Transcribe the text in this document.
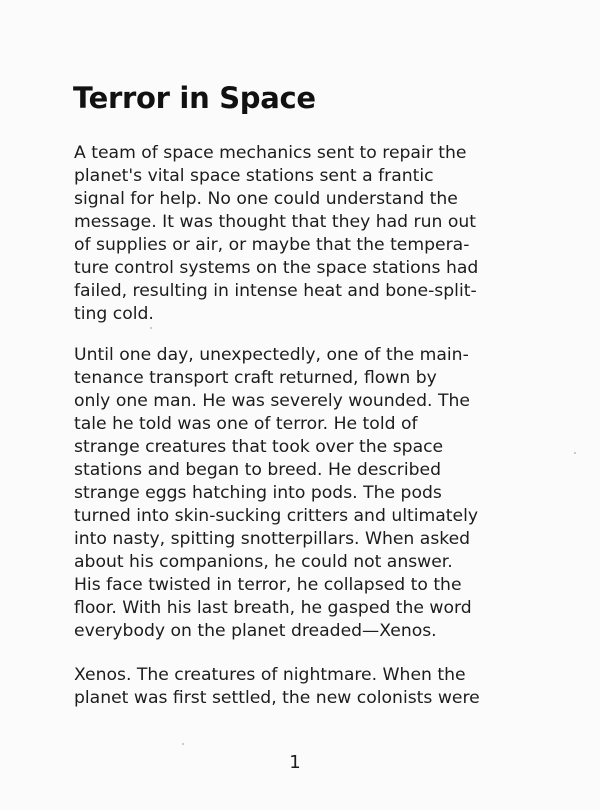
Terror in Space
A team of space mechanics sent to repair the
planet's vital space stations sent a frantic
signal for help. No one could understand the
message. It was thought that they had run out
of supplies or air, or maybe that the tempera-
ture control systems on the space stations had
failed, resulting in intense heat and bone-split-
ting cold.
Until one day, unexpectedly, one of the main-
tenance transport craft returned, flown by
only one man. He was severely wounded. The
tale he told was one of terror. He told of
strange creatures that took over the space
stations and began to breed. He described
strange eggs hatching into pods. The pods
turned into skin-sucking critters and ultimately
into nasty, spitting snotterpillars. When asked
about his companions, he could not answer.
His face twisted in terror, he collapsed to the
floor. With his last breath, he gasped the word
everybody on the planet dreaded—Xenos.
Xenos. The creatures of nightmare. When the
planet was first settled, the new colonists were
1
